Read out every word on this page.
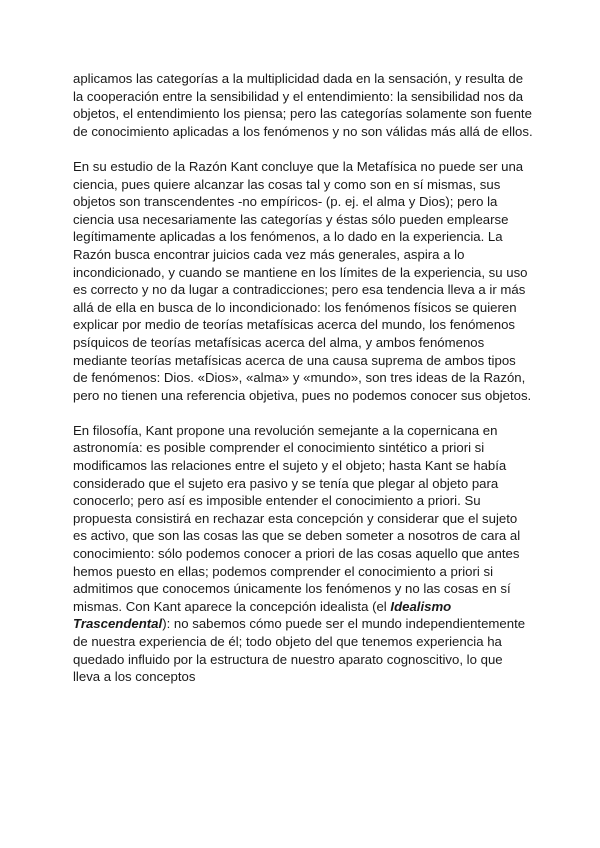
aplicamos las categorías a la multiplicidad dada en la sensación, y resulta de la cooperación entre la sensibilidad y el entendimiento: la sensibilidad nos da objetos, el entendimiento los piensa; pero las categorías solamente son fuente de conocimiento aplicadas a los fenómenos y no son válidas más allá de ellos.

En su estudio de la Razón Kant concluye que la Metafísica no puede ser una ciencia, pues quiere alcanzar las cosas tal y como son en sí mismas, sus objetos son transcendentes -no empíricos- (p. ej. el alma y Dios); pero la ciencia usa necesariamente las categorías y éstas sólo pueden emplearse legítimamente aplicadas a los fenómenos, a lo dado en la experiencia. La Razón busca encontrar juicios cada vez más generales, aspira a lo incondicionado, y cuando se mantiene en los límites de la experiencia, su uso es correcto y no da lugar a contradicciones; pero esa tendencia lleva a ir más allá de ella en busca de lo incondicionado: los fenómenos físicos se quieren explicar por medio de teorías metafísicas acerca del mundo, los fenómenos psíquicos de teorías metafísicas acerca del alma, y ambos fenómenos mediante teorías metafísicas acerca de una causa suprema de ambos tipos de fenómenos: Dios. «Dios», «alma» y «mundo», son tres ideas de la Razón, pero no tienen una referencia objetiva, pues no podemos conocer sus objetos.

En filosofía, Kant propone una revolución semejante a la copernicana en astronomía: es posible comprender el conocimiento sintético a priori si modificamos las relaciones entre el sujeto y el objeto; hasta Kant se había considerado que el sujeto era pasivo y se tenía que plegar al objeto para conocerlo; pero así es imposible entender el conocimiento a priori. Su propuesta consistirá en rechazar esta concepción y considerar que el sujeto es activo, que son las cosas las que se deben someter a nosotros de cara al conocimiento: sólo podemos conocer a priori de las cosas aquello que antes hemos puesto en ellas; podemos comprender el conocimiento a priori si admitimos que conocemos únicamente los fenómenos y no las cosas en sí mismas. Con Kant aparece la concepción idealista (el Idealismo Trascendental): no sabemos cómo puede ser el mundo independientemente de nuestra experiencia de él; todo objeto del que tenemos experiencia ha quedado influido por la estructura de nuestro aparato cognoscitivo, lo que lleva a los conceptos
